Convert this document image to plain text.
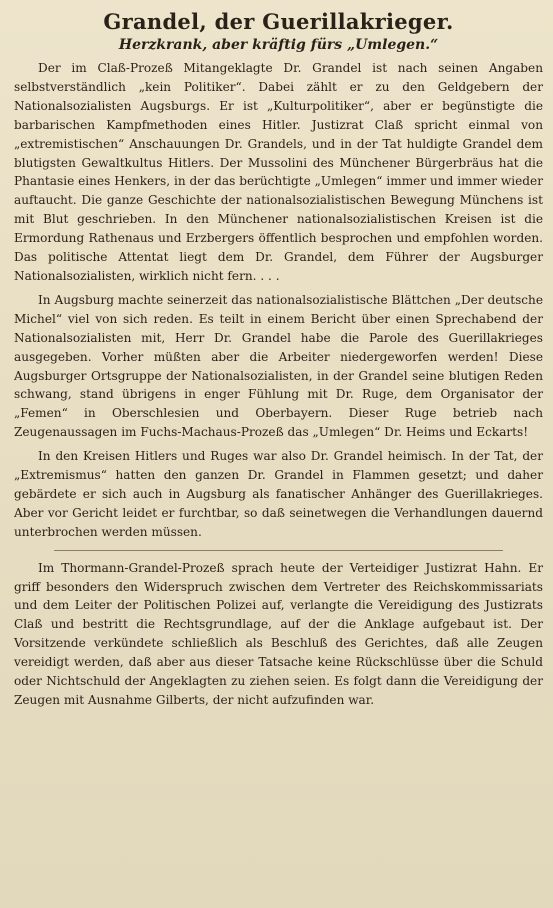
Grandel, der Guerillakrieger.
Herzkrank, aber kräftig fürs „Umlegen.“

Der im Claß-Prozeß Mitangeklagte Dr. Grandel ist nach seinen Angaben selbstverständlich „kein Politiker“. Dabei zählt er zu den Geldgebern der Nationalsozialisten Augsburgs. Er ist „Kulturpolitiker“, aber er begünstigte die barbarischen Kampfmethoden eines Hitler. Justizrat Claß spricht einmal von „extremistischen“ Anschauungen Dr. Grandels, und in der Tat huldigte Grandel dem blutigsten Gewaltkultus Hitlers. Der Mussolini des Münchener Bürgerbräus hat die Phantasie eines Henkers, in der das berüchtigte „Umlegen“ immer und immer wieder auftaucht. Die ganze Geschichte der nationalsozialistischen Bewegung Münchens ist mit Blut geschrieben. In den Münchener nationalsozialistischen Kreisen ist die Ermordung Rathenaus und Erzbergers öffentlich besprochen und empfohlen worden. Das politische Attentat liegt dem Dr. Grandel, dem Führer der Augsburger Nationalsozialisten, wirklich nicht fern. . . .

In Augsburg machte seinerzeit das nationalsozialistische Blättchen „Der deutsche Michel“ viel von sich reden. Es teilt in einem Bericht über einen Sprechabend der Nationalsozialisten mit, Herr Dr. Grandel habe die Parole des Guerillakrieges ausgegeben. Vorher müßten aber die Arbeiter niedergeworfen werden! Diese Augsburger Ortsgruppe der Nationalsozialisten, in der Grandel seine blutigen Reden schwang, stand übrigens in enger Fühlung mit Dr. Ruge, dem Organisator der „Femen“ in Oberschlesien und Oberbayern. Dieser Ruge betrieb nach Zeugenaussagen im Fuchs-Machaus-Prozeß das „Umlegen“ Dr. Heims und Eckarts!

In den Kreisen Hitlers und Ruges war also Dr. Grandel heimisch. In der Tat, der „Extremismus“ hatten den ganzen Dr. Grandel in Flammen gesetzt; und daher gebärdete er sich auch in Augsburg als fanatischer Anhänger des Guerillakrieges. Aber vor Gericht leidet er furchtbar, so daß seinetwegen die Verhandlungen dauernd unterbrochen werden müssen.

Im Thormann-Grandel-Prozeß sprach heute der Verteidiger Justizrat Hahn. Er griff besonders den Widerspruch zwischen dem Vertreter des Reichskommissariats und dem Leiter der Politischen Polizei auf, verlangte die Vereidigung des Justizrats Claß und bestritt die Rechtsgrundlage, auf der die Anklage aufgebaut ist. Der Vorsitzende verkündete schließlich als Beschluß des Gerichtes, daß alle Zeugen vereidigt werden, daß aber aus dieser Tatsache keine Rückschlüsse über die Schuld oder Nichtschuld der Angeklagten zu ziehen seien. Es folgt dann die Vereidigung der Zeugen mit Ausnahme Gilberts, der nicht aufzufinden war.
